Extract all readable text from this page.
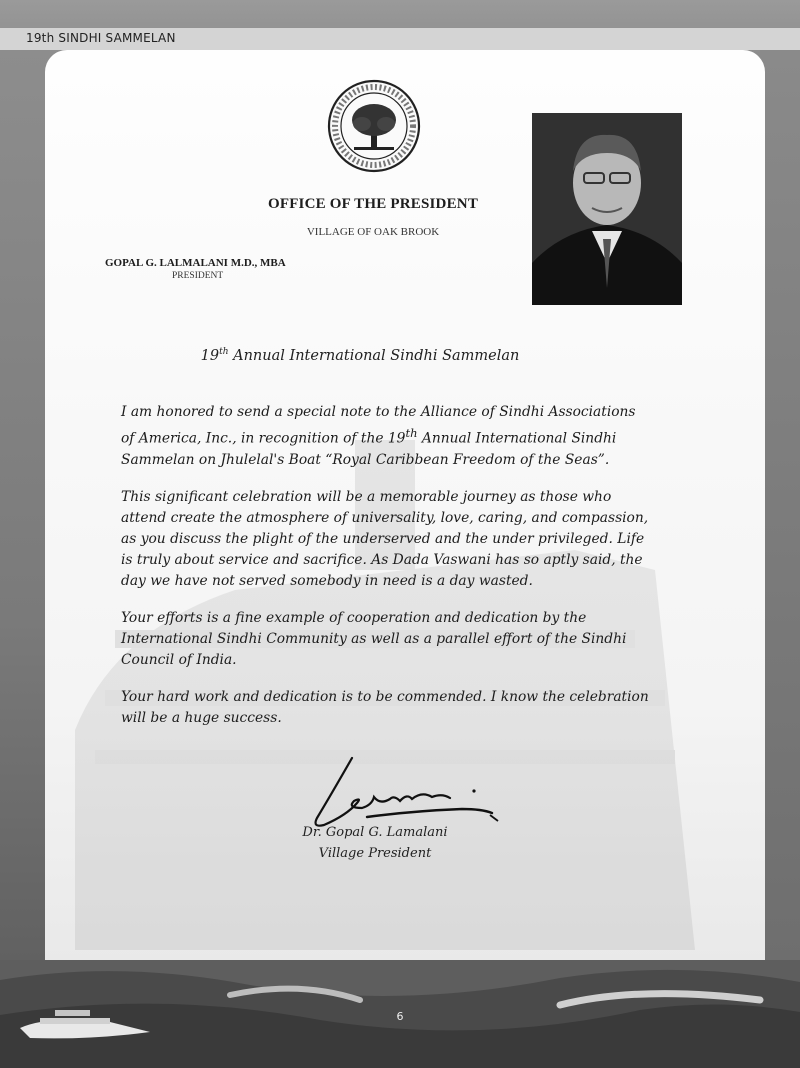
19th SINDHI SAMMELAN
OFFICE OF THE PRESIDENT
VILLAGE OF OAK BROOK
GOPAL G. LALMALANI M.D., MBA
PRESIDENT
19th Annual International Sindhi Sammelan

I am honored to send a special note to the Alliance of Sindhi Associations of America, Inc., in recognition of the 19th Annual International Sindhi Sammelan on Jhulelal's Boat “Royal Caribbean Freedom of the Seas”.

This significant celebration will be a memorable journey as those who attend create the atmosphere of universality, love, caring, and compassion, as you discuss the plight of the underserved and the under privileged. Life is truly about service and sacrifice. As Dada Vaswani has so aptly said, the day we have not served somebody in need is a day wasted.

Your efforts is a fine example of cooperation and dedication by the International Sindhi Community as well as a parallel effort of the Sindhi Council of India.

Your hard work and dedication is to be commended. I know the celebration will be a huge success.

Dr. Gopal G. Lamalani
Village President
6
